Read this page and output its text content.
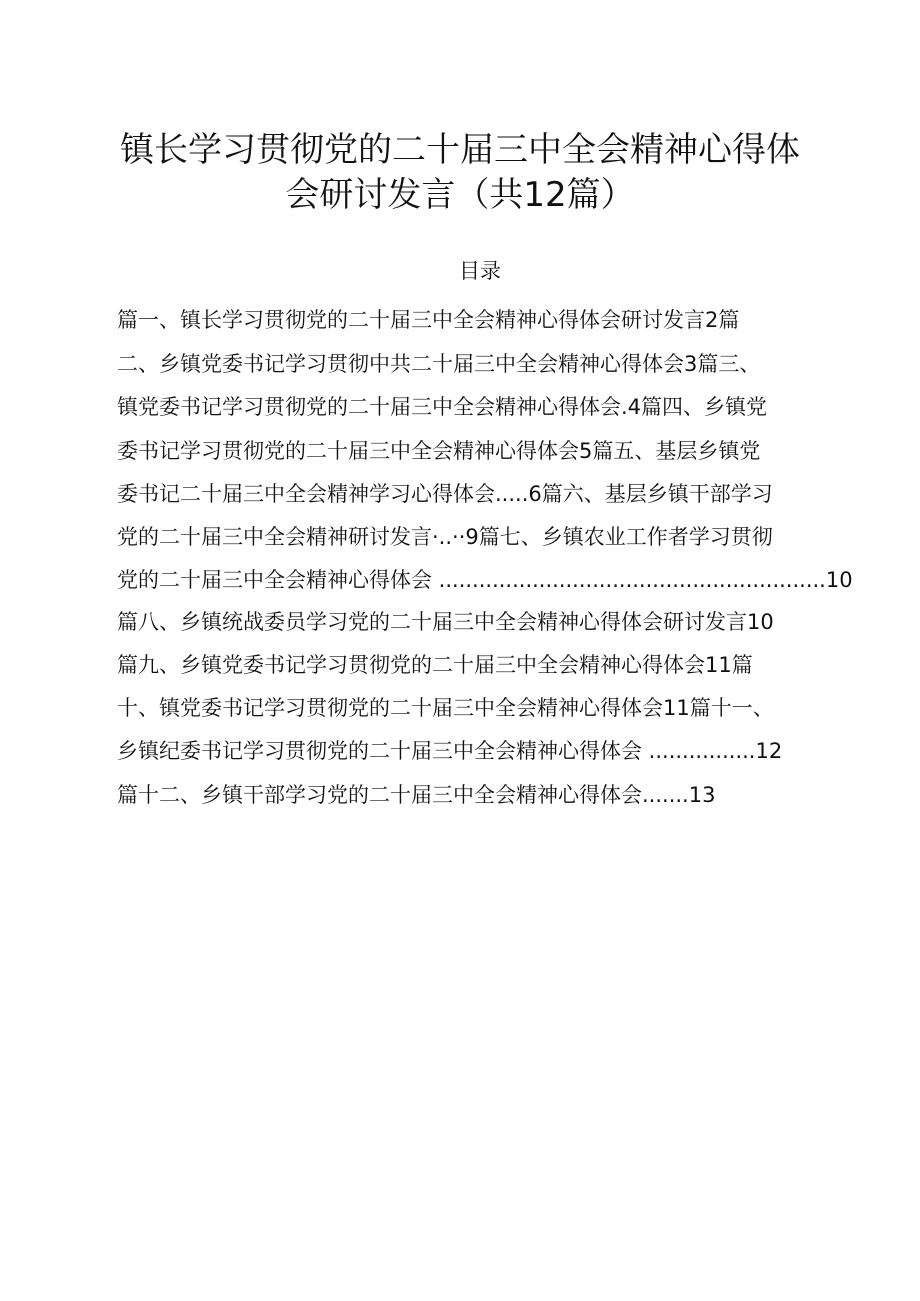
镇长学习贯彻党的二十届三中全会精神心得体
会研讨发言（共12篇）
目录
篇一、镇长学习贯彻党的二十届三中全会精神心得体会研讨发言2篇
二、乡镇党委书记学习贯彻中共二十届三中全会精神心得体会3篇三、
镇党委书记学习贯彻党的二十届三中全会精神心得体会.4篇四、乡镇党
委书记学习贯彻党的二十届三中全会精神心得体会5篇五、基层乡镇党
委书记二十届三中全会精神学习心得体会.....6篇六、基层乡镇干部学习
党的二十届三中全会精神研讨发言·..··9篇七、乡镇农业工作者学习贯彻
党的二十届三中全会精神心得体会 ..........................................................10
篇八、乡镇统战委员学习党的二十届三中全会精神心得体会研讨发言10
篇九、乡镇党委书记学习贯彻党的二十届三中全会精神心得体会11篇
十、镇党委书记学习贯彻党的二十届三中全会精神心得体会11篇十一、
乡镇纪委书记学习贯彻党的二十届三中全会精神心得体会 ................12
篇十二、乡镇干部学习党的二十届三中全会精神心得体会.......13
